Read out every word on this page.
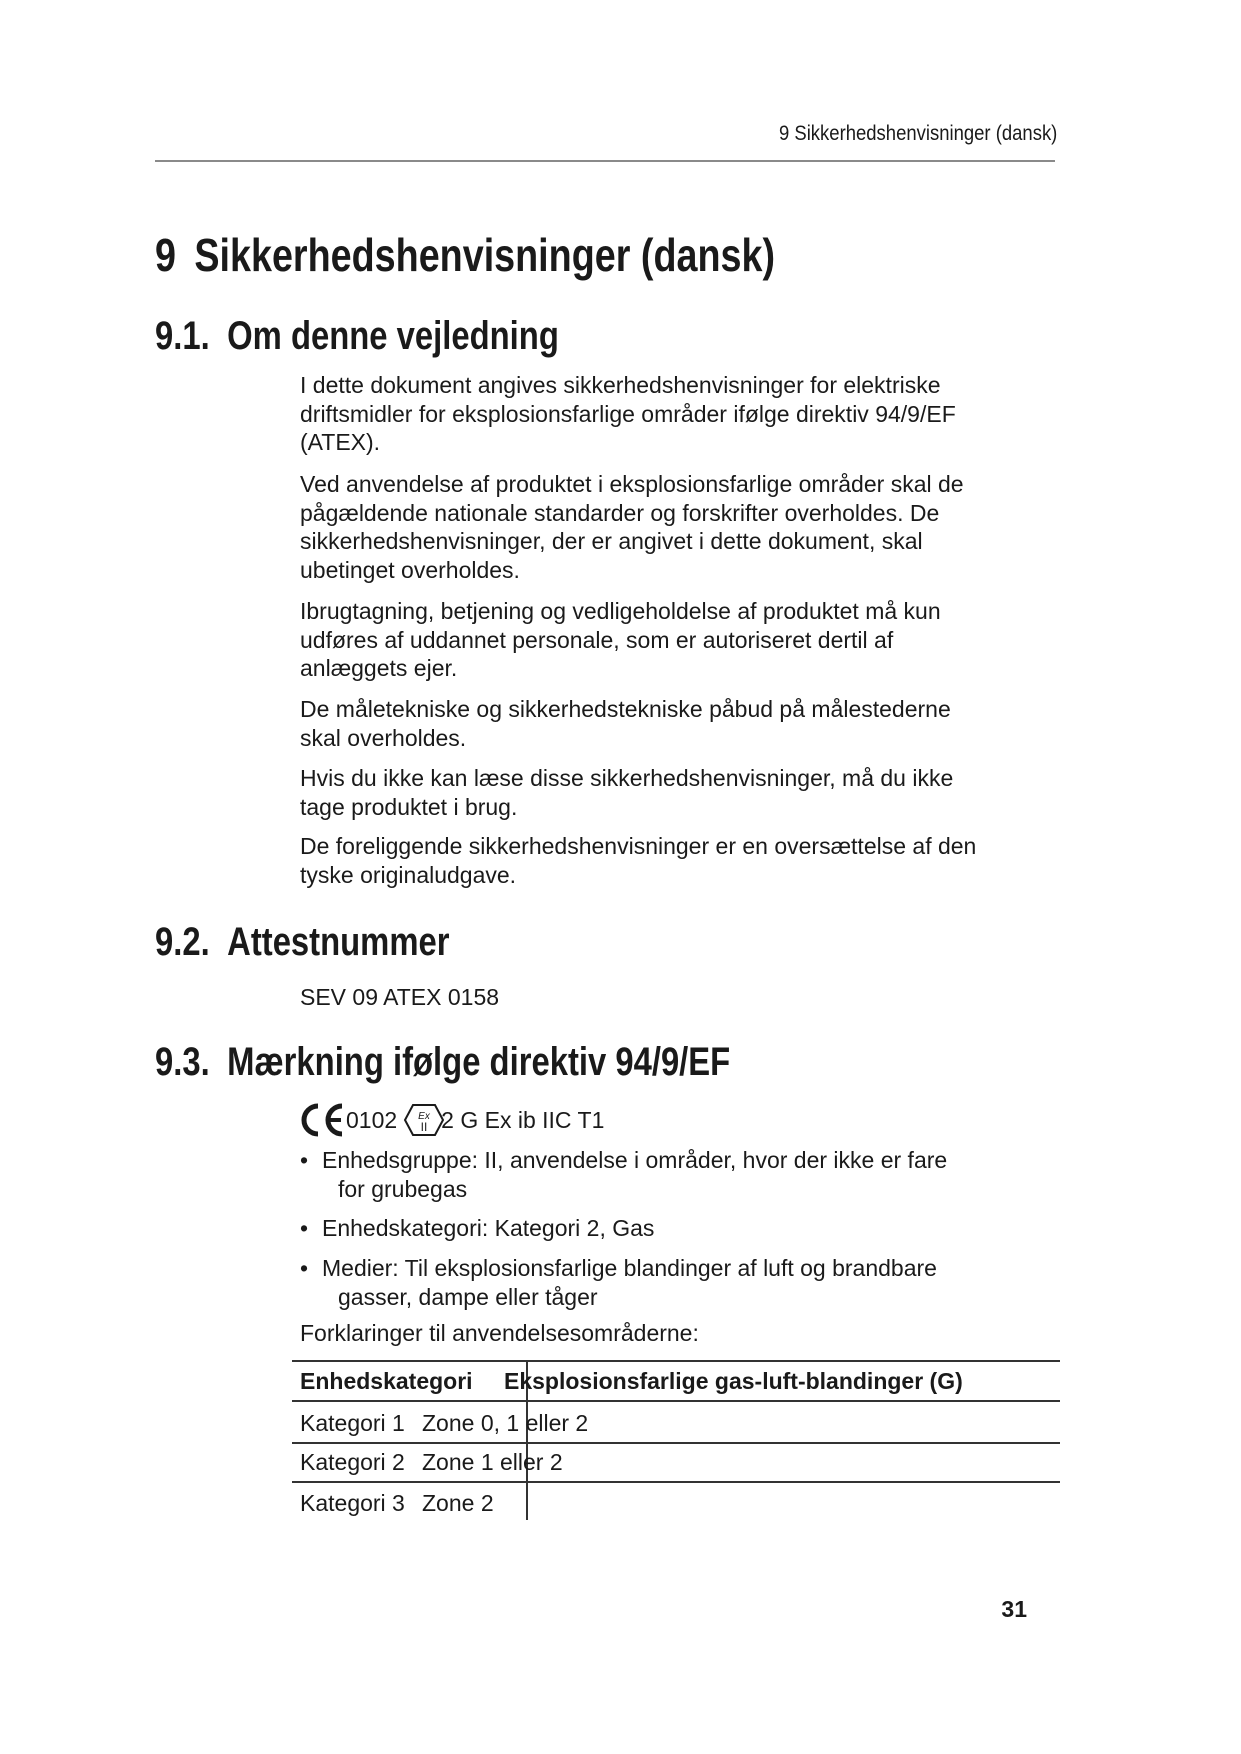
9 Sikkerhedshenvisninger (dansk)
9 Sikkerhedshenvisninger (dansk)
9.1. Om denne vejledning
I dette dokument angives sikkerhedshenvisninger for elektriske
driftsmidler for eksplosionsfarlige områder ifølge direktiv 94/9/EF
(ATEX).
Ved anvendelse af produktet i eksplosionsfarlige områder skal de
pågældende nationale standarder og forskrifter overholdes. De
sikkerhedshenvisninger, der er angivet i dette dokument, skal
ubetinget overholdes.
Ibrugtagning, betjening og vedligeholdelse af produktet må kun
udføres af uddannet personale, som er autoriseret dertil af
anlæggets ejer.
De måletekniske og sikkerhedstekniske påbud på målestederne
skal overholdes.
Hvis du ikke kan læse disse sikkerhedshenvisninger, må du ikke
tage produktet i brug.
De foreliggende sikkerhedshenvisninger er en oversættelse af den
tyske originaludgave.
9.2. Attestnummer
SEV 09 ATEX 0158
9.3. Mærkning ifølge direktiv 94/9/EF
0102 Ex
II 2 G Ex ib IIC T1
• Enhedsgruppe: II, anvendelse i områder, hvor der ikke er fare
for grubegas
• Enhedskategori: Kategori 2, Gas
• Medier: Til eksplosionsfarlige blandinger af luft og brandbare
gasser, dampe eller tåger
Forklaringer til anvendelsesområderne:
Enhedskategori Eksplosionsfarlige gas-luft-blandinger (G)
Kategori 1 Zone 0, 1 eller 2
Kategori 2 Zone 1 eller 2
Kategori 3 Zone 2
31
